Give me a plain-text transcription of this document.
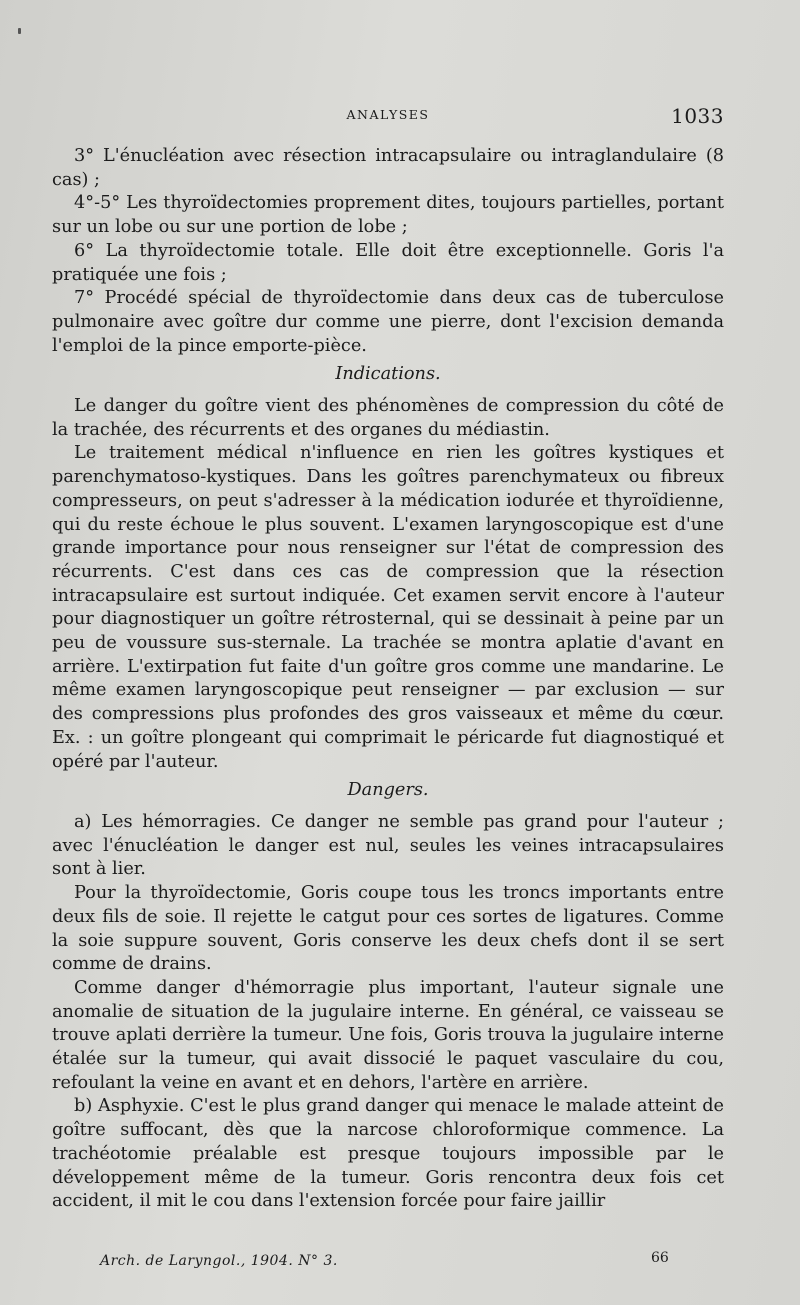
ANALYSES	1033

3° L'énucléation avec résection intracapsulaire ou intraglandulaire (8 cas) ;

4°-5° Les thyroïdectomies proprement dites, toujours partielles, portant sur un lobe ou sur une portion de lobe ;

6° La thyroïdectomie totale. Elle doit être exceptionnelle. Goris l'a pratiquée une fois ;

7° Procédé spécial de thyroïdectomie dans deux cas de tuberculose pulmonaire avec goître dur comme une pierre, dont l'excision demanda l'emploi de la pince emporte-pièce.

Indications.

Le danger du goître vient des phénomènes de compression du côté de la trachée, des récurrents et des organes du médiastin.

Le traitement médical n'influence en rien les goîtres kystiques et parenchymatoso-kystiques. Dans les goîtres parenchymateux ou fibreux compresseurs, on peut s'adresser à la médication iodurée et thyroïdienne, qui du reste échoue le plus souvent. L'examen laryngoscopique est d'une grande importance pour nous renseigner sur l'état de compression des récurrents. C'est dans ces cas de compression que la résection intracapsulaire est surtout indiquée. Cet examen servit encore à l'auteur pour diagnostiquer un goître rétrosternal, qui se dessinait à peine par un peu de voussure sus-sternale. La trachée se montra aplatie d'avant en arrière. L'extirpation fut faite d'un goître gros comme une mandarine. Le même examen laryngoscopique peut renseigner — par exclusion — sur des compressions plus profondes des gros vaisseaux et même du cœur. Ex. : un goître plongeant qui comprimait le péricarde fut diagnostiqué et opéré par l'auteur.

Dangers.

a) Les hémorragies. Ce danger ne semble pas grand pour l'auteur ; avec l'énucléation le danger est nul, seules les veines intracapsulaires sont à lier.

Pour la thyroïdectomie, Goris coupe tous les troncs importants entre deux fils de soie. Il rejette le catgut pour ces sortes de ligatures. Comme la soie suppure souvent, Goris conserve les deux chefs dont il se sert comme de drains.

Comme danger d'hémorragie plus important, l'auteur signale une anomalie de situation de la jugulaire interne. En général, ce vaisseau se trouve aplati derrière la tumeur. Une fois, Goris trouva la jugulaire interne étalée sur la tumeur, qui avait dissocié le paquet vasculaire du cou, refoulant la veine en avant et en dehors, l'artère en arrière.

b) Asphyxie. C'est le plus grand danger qui menace le malade atteint de goître suffocant, dès que la narcose chloroformique commence. La trachéotomie préalable est presque toujours impossible par le développement même de la tumeur. Goris rencontra deux fois cet accident, il mit le cou dans l'extension forcée pour faire jaillir

Arch. de Laryngol., 1904. N° 3.	66
